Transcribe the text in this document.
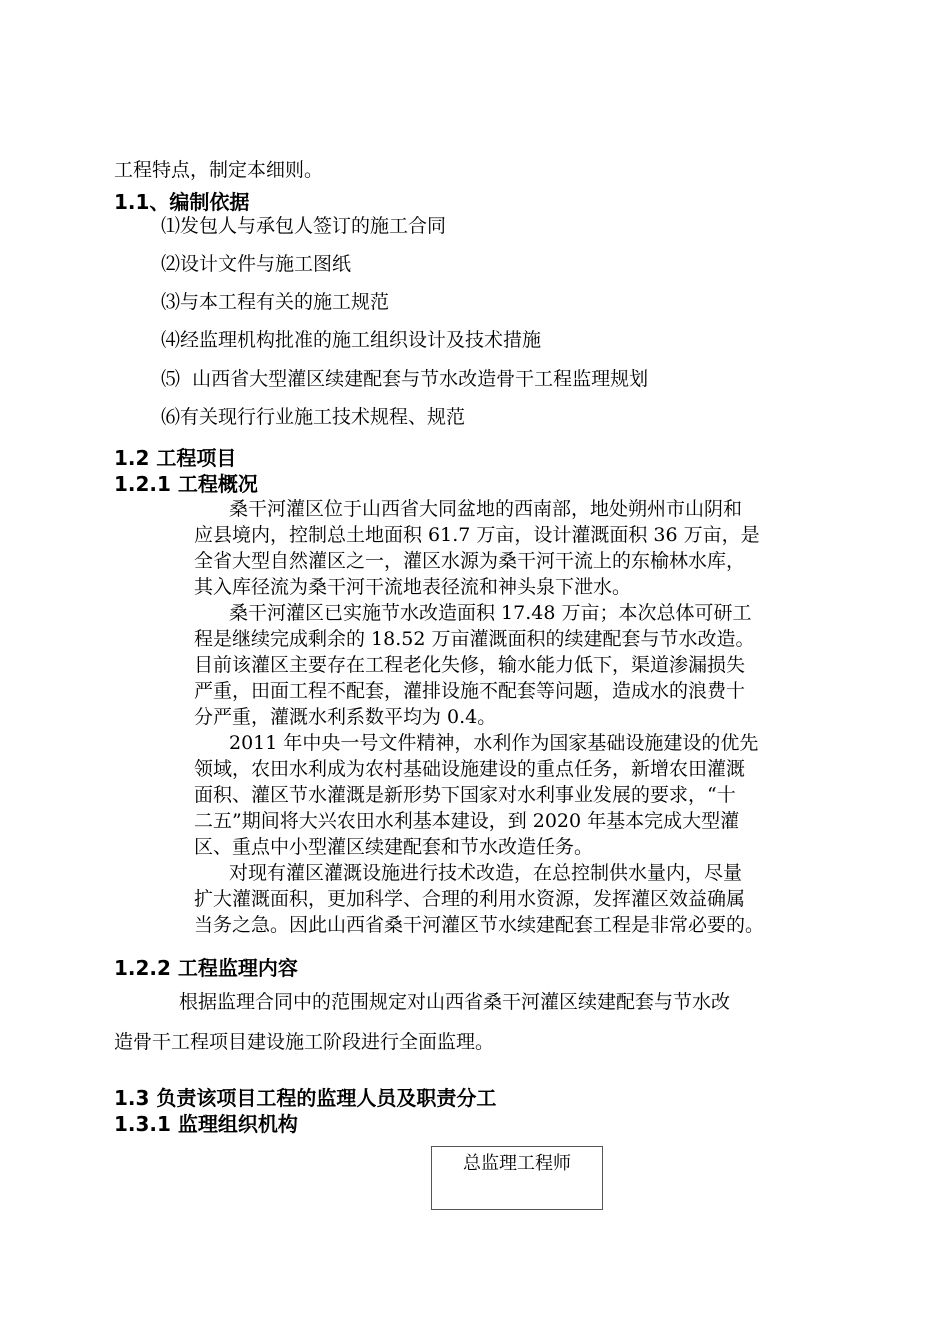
工程特点，制定本细则。
1.1、编制依据
⑴发包人与承包人签订的施工合同
⑵设计文件与施工图纸
⑶与本工程有关的施工规范
⑷经监理机构批准的施工组织设计及技术措施
⑸  山西省大型灌区续建配套与节水改造骨干工程监理规划
⑹有关现行行业施工技术规程、规范
1.2 工程项目
1.2.1 工程概况
桑干河灌区位于山西省大同盆地的西南部，地处朔州市山阴和
应县境内，控制总土地面积 61.7 万亩，设计灌溉面积 36 万亩，是
全省大型自然灌区之一，灌区水源为桑干河干流上的东榆林水库，
其入库径流为桑干河干流地表径流和神头泉下泄水。
桑干河灌区已实施节水改造面积 17.48 万亩；本次总体可研工
程是继续完成剩余的 18.52 万亩灌溉面积的续建配套与节水改造。
目前该灌区主要存在工程老化失修，输水能力低下，渠道渗漏损失
严重，田面工程不配套，灌排设施不配套等问题，造成水的浪费十
分严重，灌溉水利系数平均为 0.4。
2011 年中央一号文件精神，水利作为国家基础设施建设的优先
领域，农田水利成为农村基础设施建设的重点任务，新增农田灌溉
面积、灌区节水灌溉是新形势下国家对水利事业发展的要求，“十
二五”期间将大兴农田水利基本建设，到 2020 年基本完成大型灌
区、重点中小型灌区续建配套和节水改造任务。
对现有灌区灌溉设施进行技术改造，在总控制供水量内，尽量
扩大灌溉面积，更加科学、合理的利用水资源，发挥灌区效益确属
当务之急。因此山西省桑干河灌区节水续建配套工程是非常必要的。
1.2.2 工程监理内容
根据监理合同中的范围规定对山西省桑干河灌区续建配套与节水改
造骨干工程项目建设施工阶段进行全面监理。
1.3 负责该项目工程的监理人员及职责分工
1.3.1 监理组织机构
总监理工程师
